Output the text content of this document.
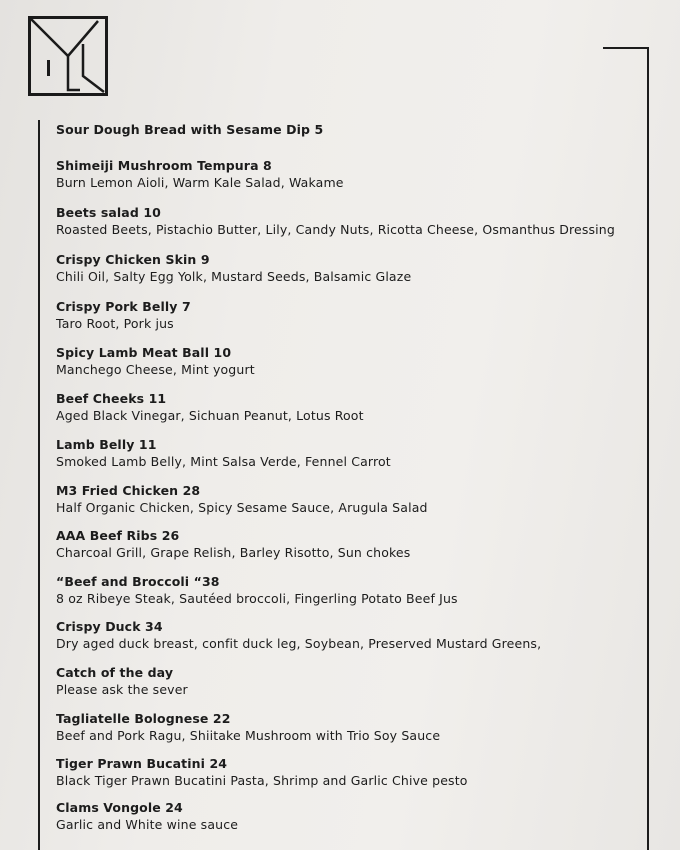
Sour Dough Bread with Sesame Dip 5
Shimeiji Mushroom Tempura 8
Burn Lemon Aioli, Warm Kale Salad, Wakame
Beets salad 10
Roasted Beets, Pistachio Butter, Lily, Candy Nuts, Ricotta Cheese, Osmanthus Dressing
Crispy Chicken Skin 9
Chili Oil, Salty Egg Yolk, Mustard Seeds, Balsamic Glaze
Crispy Pork Belly 7
Taro Root, Pork jus
Spicy Lamb Meat Ball 10
Manchego Cheese, Mint yogurt
Beef Cheeks 11
Aged Black Vinegar, Sichuan Peanut, Lotus Root
Lamb Belly 11
Smoked Lamb Belly, Mint Salsa Verde, Fennel Carrot
M3 Fried Chicken 28
Half Organic Chicken, Spicy Sesame Sauce, Arugula Salad
AAA Beef Ribs 26
Charcoal Grill, Grape Relish, Barley Risotto, Sun chokes
“Beef and Broccoli “38
8 oz Ribeye Steak, Sautéed broccoli, Fingerling Potato Beef Jus
Crispy Duck 34
Dry aged duck breast, confit duck leg, Soybean, Preserved Mustard Greens,
Catch of the day
Please ask the sever
Tagliatelle Bolognese 22
Beef and Pork Ragu, Shiitake Mushroom with Trio Soy Sauce
Tiger Prawn Bucatini 24
Black Tiger Prawn Bucatini Pasta, Shrimp and Garlic Chive pesto
Clams Vongole 24
Garlic and White wine sauce
